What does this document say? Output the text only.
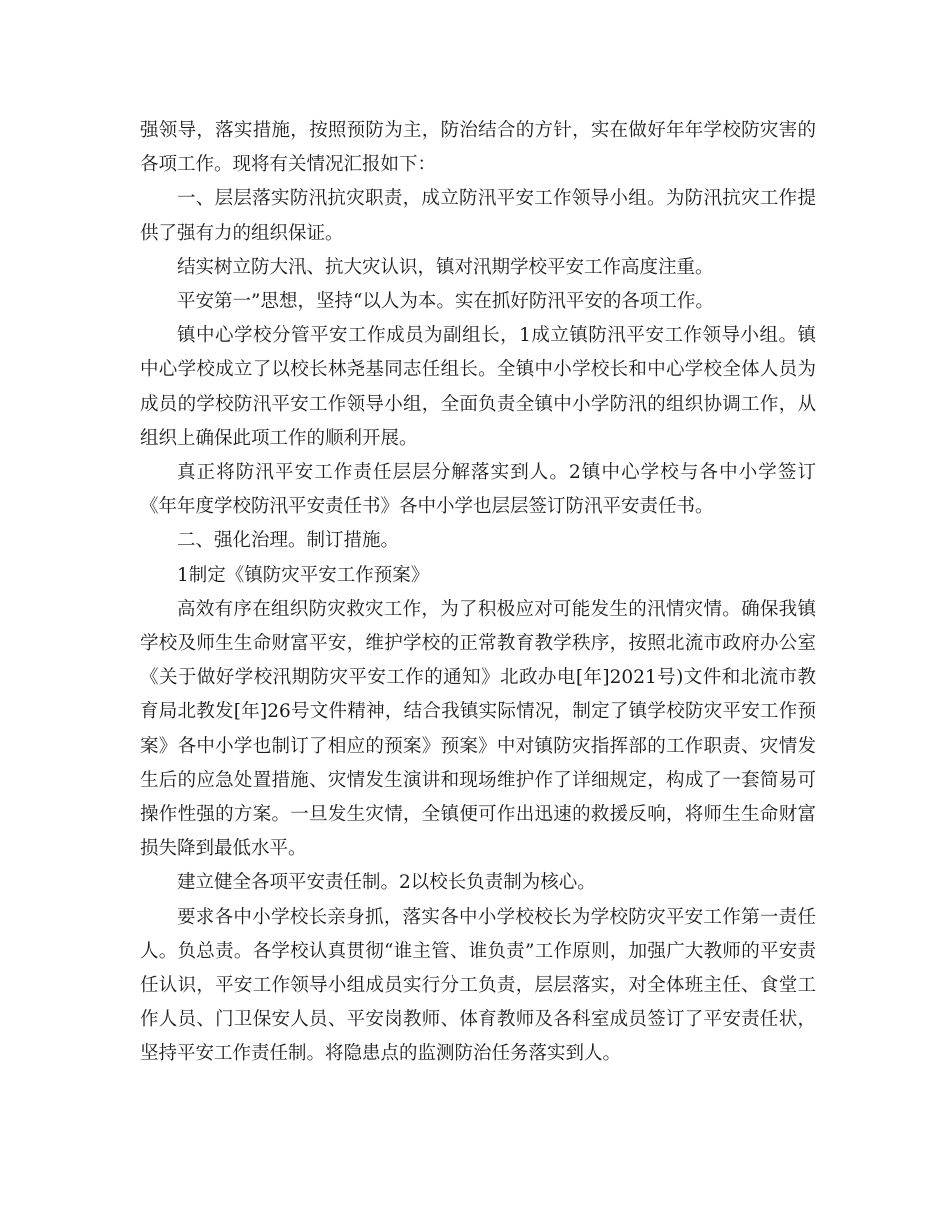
强领导，落实措施，按照预防为主，防治结合的方针，实在做好年年学校防灾害的各项工作。现将有关情况汇报如下：

一、层层落实防汛抗灾职责，成立防汛平安工作领导小组。为防汛抗灾工作提供了强有力的组织保证。

结实树立防大汛、抗大灾认识，镇对汛期学校平安工作高度注重。

平安第一”思想，坚持“以人为本。实在抓好防汛平安的各项工作。

镇中心学校分管平安工作成员为副组长，1成立镇防汛平安工作领导小组。镇中心学校成立了以校长林尧基同志任组长。全镇中小学校长和中心学校全体人员为成员的学校防汛平安工作领导小组，全面负责全镇中小学防汛的组织协调工作，从组织上确保此项工作的顺利开展。

真正将防汛平安工作责任层层分解落实到人。2镇中心学校与各中小学签订《年年度学校防汛平安责任书》各中小学也层层签订防汛平安责任书。

二、强化治理。制订措施。

1制定《镇防灾平安工作预案》

高效有序在组织防灾救灾工作，为了积极应对可能发生的汛情灾情。确保我镇学校及师生生命财富平安，维护学校的正常教育教学秩序，按照北流市政府办公室《关于做好学校汛期防灾平安工作的通知》北政办电[年]2021号)文件和北流市教育局北教发[年]26号文件精神，结合我镇实际情况，制定了镇学校防灾平安工作预案》各中小学也制订了相应的预案》预案》中对镇防灾指挥部的工作职责、灾情发生后的应急处置措施、灾情发生演讲和现场维护作了详细规定，构成了一套简易可操作性强的方案。一旦发生灾情，全镇便可作出迅速的救援反响，将师生生命财富损失降到最低水平。

建立健全各项平安责任制。2以校长负责制为核心。

要求各中小学校长亲身抓，落实各中小学校校长为学校防灾平安工作第一责任人。负总责。各学校认真贯彻“谁主管、谁负责”工作原则，加强广大教师的平安责任认识，平安工作领导小组成员实行分工负责，层层落实，对全体班主任、食堂工作人员、门卫保安人员、平安岗教师、体育教师及各科室成员签订了平安责任状，坚持平安工作责任制。将隐患点的监测防治任务落实到人。
